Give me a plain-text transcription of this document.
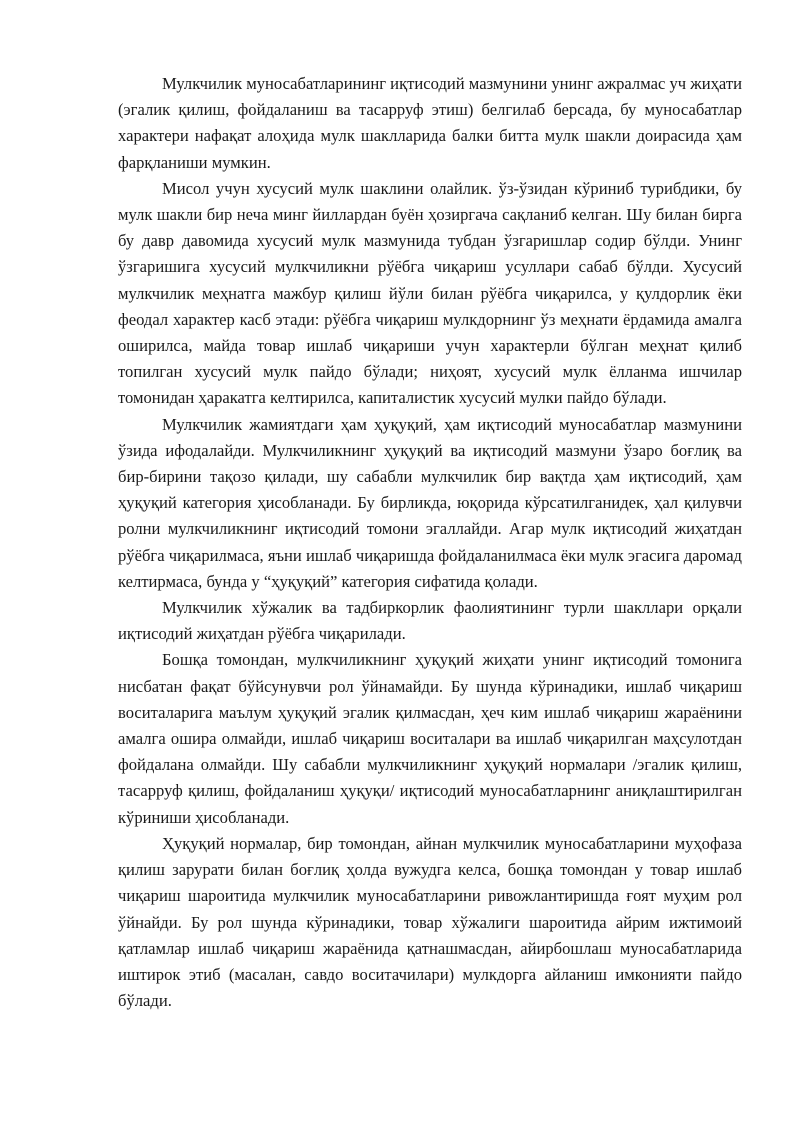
Мулкчилик муносабатларининг иқтисодий мазмунини унинг ажралмас уч жиҳати (эгалик қилиш, фойдаланиш ва тасарруф этиш) белгилаб берсада, бу муносабатлар характери нафақат алоҳида мулк шаклларида балки битта мулк шакли доирасида ҳам фарқланиши мумкин.

Мисол учун хусусий мулк шаклини олайлик. ўз-ўзидан кўриниб турибдики, бу мулк шакли бир неча минг йиллардан буён ҳозиргача сақланиб келган. Шу билан бирга бу давр давомида хусусий мулк мазмунида тубдан ўзгаришлар содир бўлди. Унинг ўзгаришига хусусий мулкчиликни рўёбга чиқариш усуллари сабаб бўлди. Хусусий мулкчилик меҳнатга мажбур қилиш йўли билан рўёбга чиқарилса, у қулдорлик ёки феодал характер касб этади: рўёбга чиқариш мулкдорнинг ўз меҳнати ёрдамида амалга оширилса, майда товар ишлаб чиқариши учун характерли бўлган меҳнат қилиб топилган хусусий мулк пайдо бўлади; ниҳоят, хусусий мулк ёлланма ишчилар томонидан ҳаракатга келтирилса, капиталистик хусусий мулки пайдо бўлади.

Мулкчилик жамиятдаги ҳам ҳуқуқий, ҳам иқтисодий муносабатлар мазмунини ўзида ифодалайди. Мулкчиликнинг ҳуқуқий ва иқтисодий мазмуни ўзаро боғлиқ ва бир-бирини тақозо қилади, шу сабабли мулкчилик бир вақтда ҳам иқтисодий, ҳам ҳуқуқий категория ҳисобланади. Бу бирликда, юқорида кўрсатилганидек, ҳал қилувчи ролни мулкчиликнинг иқтисодий томони эгаллайди. Агар мулк иқтисодий жиҳатдан рўёбга чиқарилмаса, яъни ишлаб чиқаришда фойдаланилмаса ёки мулк эгасига даромад келтирмаса, бунда у “ҳуқуқий” категория сифатида қолади.

Мулкчилик хўжалик ва тадбиркорлик фаолиятининг турли шакллари орқали иқтисодий жиҳатдан рўёбга чиқарилади.

Бошқа томондан, мулкчиликнинг ҳуқуқий жиҳати унинг иқтисодий томонига нисбатан фақат бўйсунувчи рол ўйнамайди. Бу шунда кўринадики, ишлаб чиқариш воситаларига маълум ҳуқуқий эгалик қилмасдан, ҳеч ким ишлаб чиқариш жараёнини амалга ошира олмайди, ишлаб чиқариш воситалари ва ишлаб чиқарилган маҳсулотдан фойдалана олмайди. Шу сабабли мулкчиликнинг ҳуқуқий нормалари /эгалик қилиш, тасарруф қилиш, фойдаланиш ҳуқуқи/ иқтисодий муносабатларнинг аниқлаштирилган кўриниши ҳисобланади.

Ҳуқуқий нормалар, бир томондан, айнан мулкчилик муносабатларини муҳофаза қилиш зарурати билан боғлиқ ҳолда вужудга келса, бошқа томондан у товар ишлаб чиқариш шароитида мулкчилик муносабатларини ривожлантиришда ғоят муҳим рол ўйнайди. Бу рол шунда кўринадики, товар хўжалиги шароитида айрим ижтимоий қатламлар ишлаб чиқариш жараёнида қатнашмасдан, айирбошлаш муносабатларида иштирок этиб (масалан, савдо воситачилари) мулкдорга айланиш имконияти пайдо бўлади.
